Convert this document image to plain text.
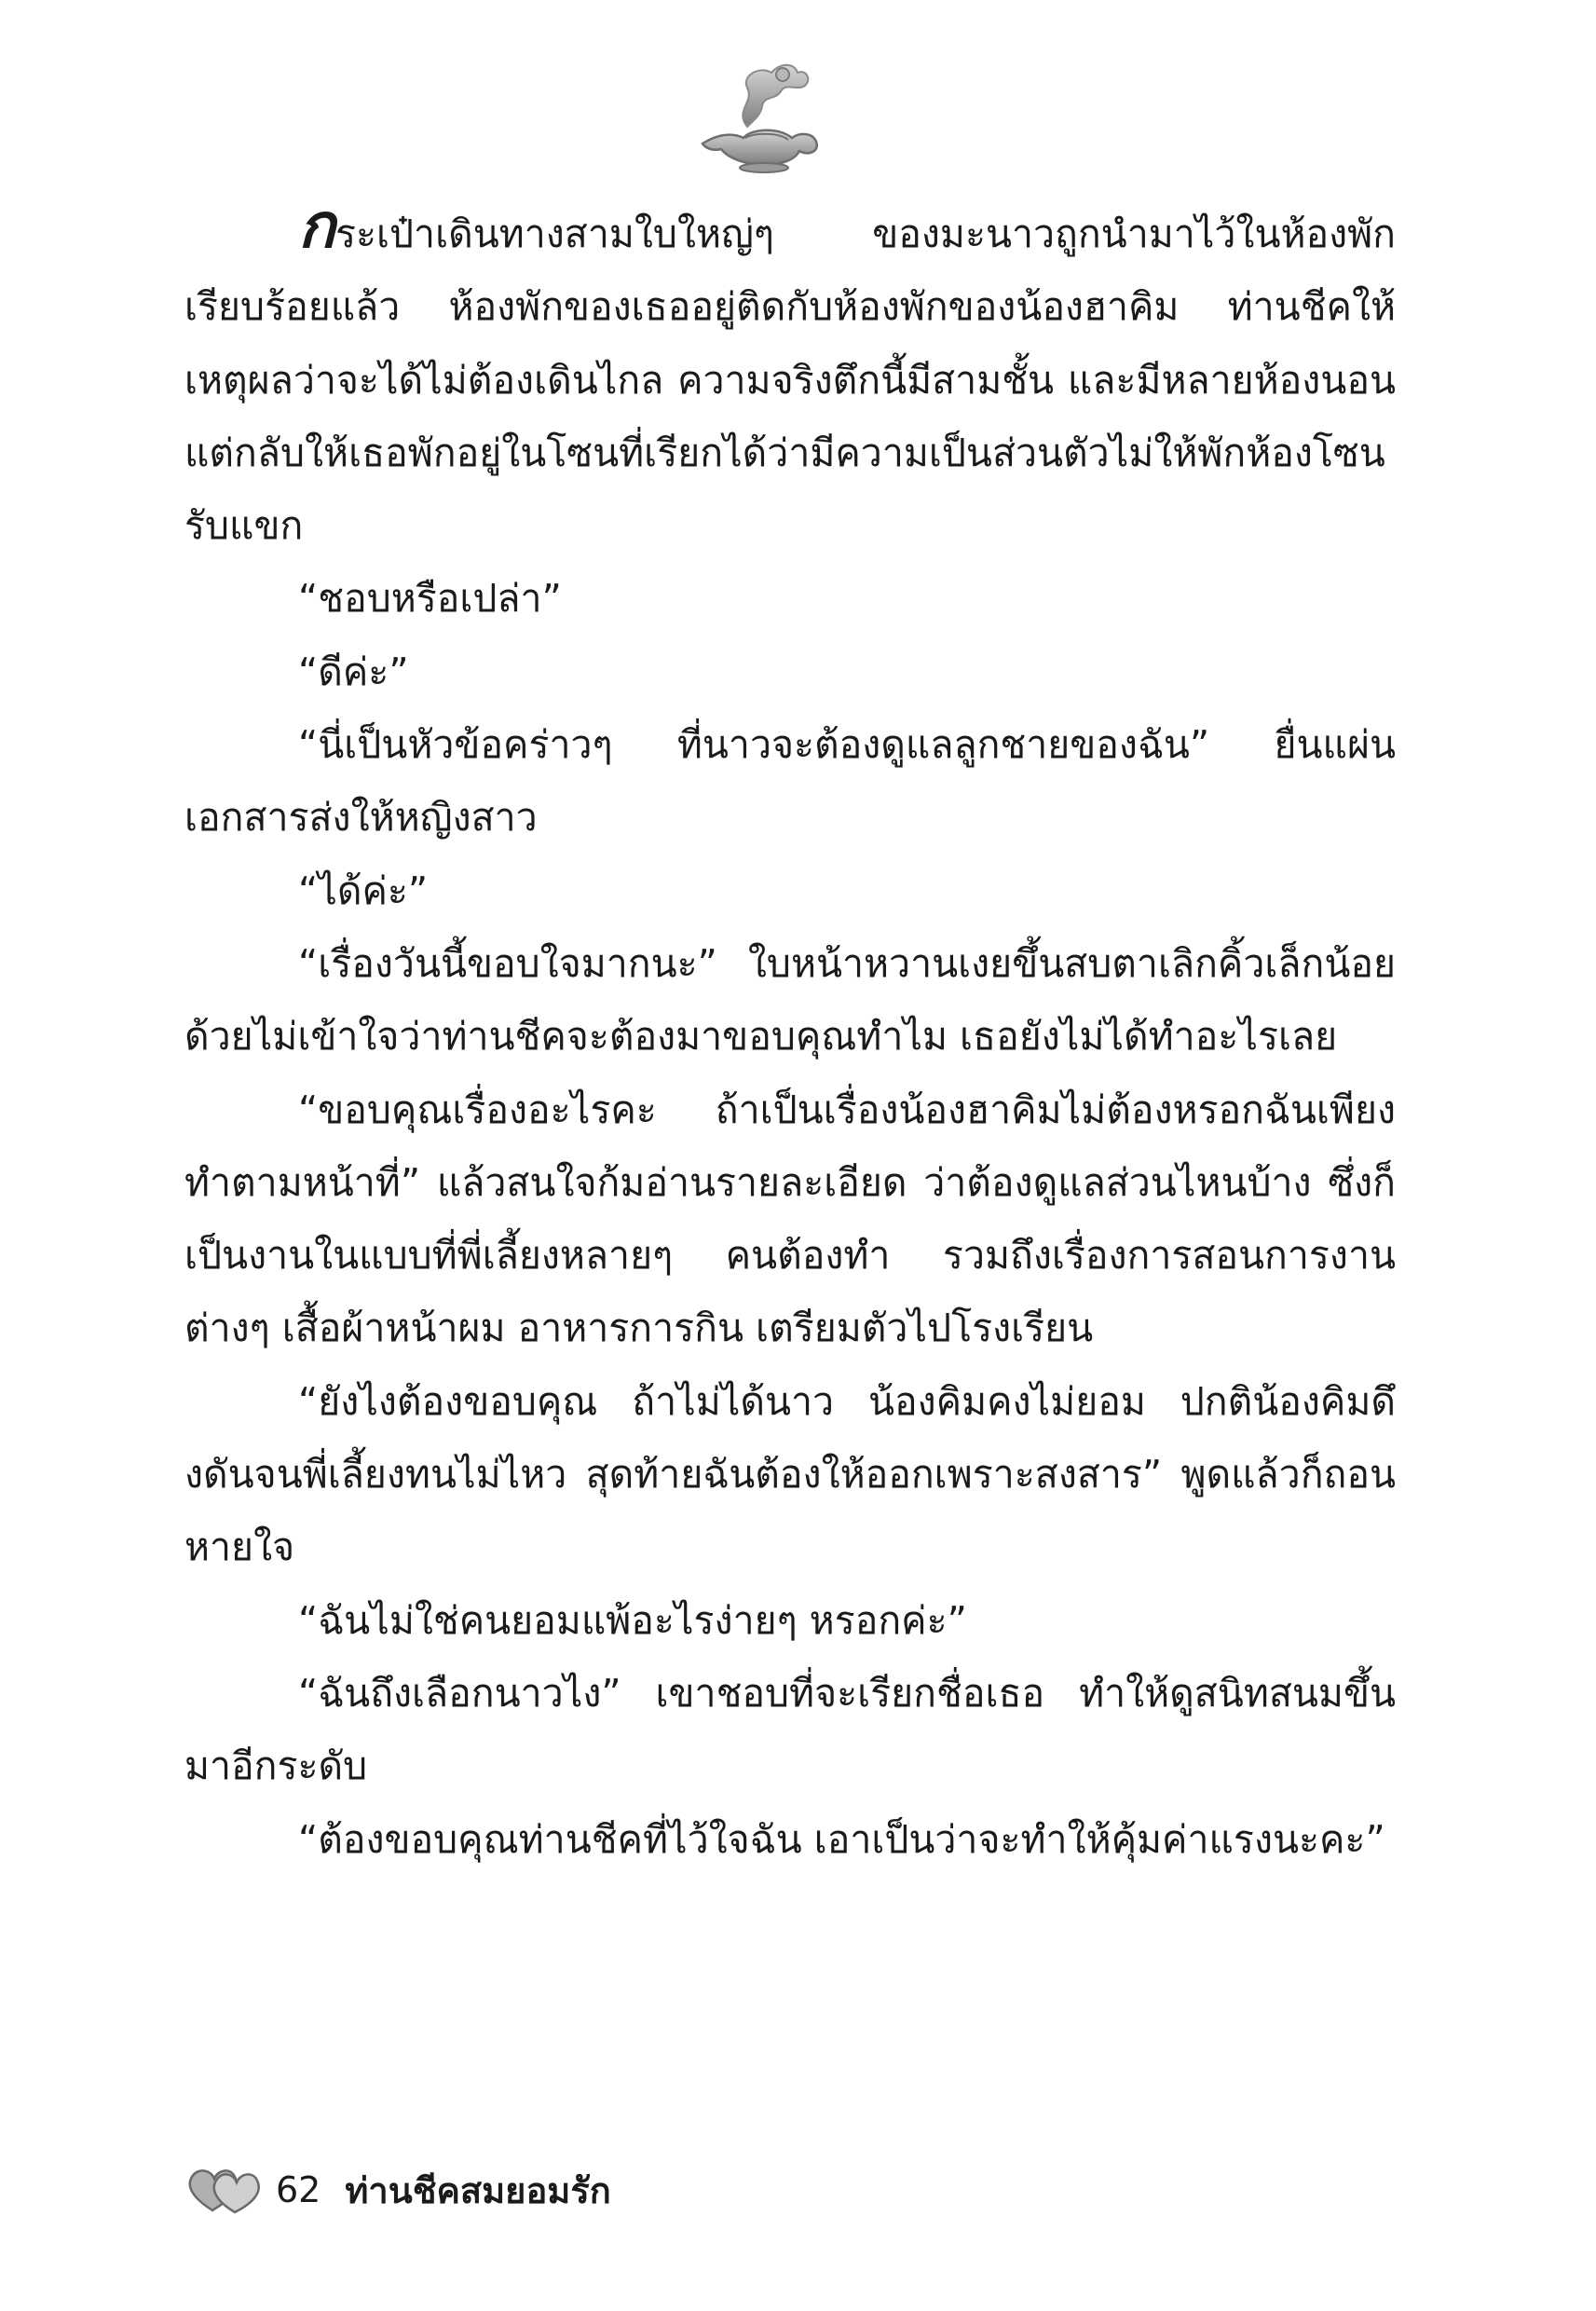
กระเป๋าเดินทางสามใบใหญ่ๆ ของมะนาวถูกนำมาไว้ในห้องพักเรียบร้อยแล้ว ห้องพักของเธออยู่ติดกับห้องพักของน้องฮาคิม ท่านชีคให้เหตุผลว่าจะได้ไม่ต้องเดินไกล ความจริงตึกนี้มีสามชั้น และมีหลายห้องนอน แต่กลับให้เธอพักอยู่ในโซนที่เรียกได้ว่ามีความเป็นส่วนตัวไม่ให้พักห้องโซนรับแขก

“ชอบหรือเปล่า”

“ดีค่ะ”

“นี่เป็นหัวข้อคร่าวๆ ที่นาวจะต้องดูแลลูกชายของฉัน” ยื่นแผ่นเอกสารส่งให้หญิงสาว

“ได้ค่ะ”

“เรื่องวันนี้ขอบใจมากนะ” ใบหน้าหวานเงยขึ้นสบตาเลิกคิ้วเล็กน้อย ด้วยไม่เข้าใจว่าท่านชีคจะต้องมาขอบคุณทำไม เธอยังไม่ได้ทำอะไรเลย

“ขอบคุณเรื่องอะไรคะ ถ้าเป็นเรื่องน้องฮาคิมไม่ต้องหรอกฉันเพียงทำตามหน้าที่” แล้วสนใจก้มอ่านรายละเอียด ว่าต้องดูแลส่วนไหนบ้าง ซึ่งก็เป็นงานในแบบที่พี่เลี้ยงหลายๆ คนต้องทำ รวมถึงเรื่องการสอนการงานต่างๆ เสื้อผ้าหน้าผม อาหารการกิน เตรียมตัวไปโรงเรียน

“ยังไงต้องขอบคุณ ถ้าไม่ได้นาว น้องคิมคงไม่ยอม ปกติน้องคิมดึงดันจนพี่เลี้ยงทนไม่ไหว สุดท้ายฉันต้องให้ออกเพราะสงสาร” พูดแล้วก็ถอนหายใจ

“ฉันไม่ใช่คนยอมแพ้อะไรง่ายๆ หรอกค่ะ”

“ฉันถึงเลือกนาวไง” เขาชอบที่จะเรียกชื่อเธอ ทำให้ดูสนิทสนมขึ้นมาอีกระดับ

“ต้องขอบคุณท่านชีคที่ไว้ใจฉัน เอาเป็นว่าจะทำให้คุ้มค่าแรงนะคะ”

62 ท่านชีคสมยอมรัก
